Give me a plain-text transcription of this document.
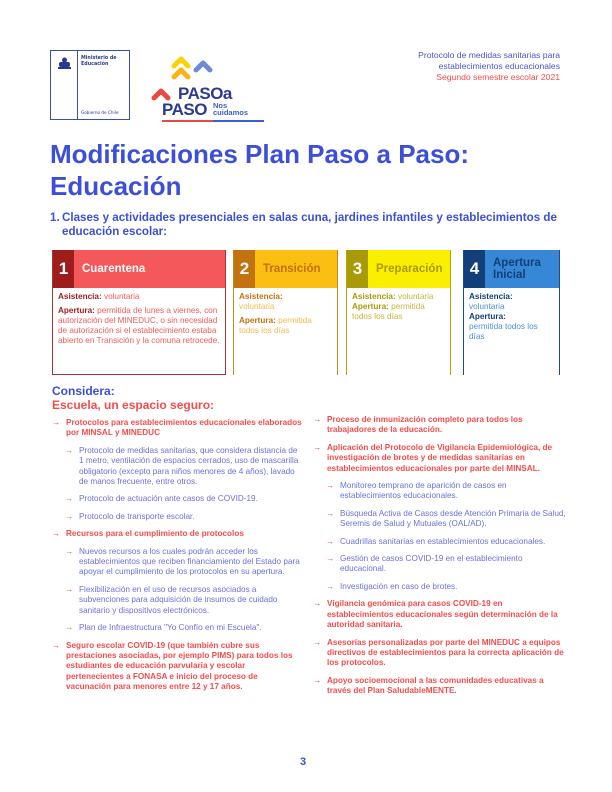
Ministerio de
Educación
Gobierno de Chile
PASOa
PASO Nos
cuidamos
Protocolo de medidas sanitarias para
establecimientos educacionales
Segundo semestre escolar 2021
Modificaciones Plan Paso a Paso:
Educación
1. Clases y actividades presenciales en salas cuna, jardines infantiles y establecimientos de educación escolar:
1	Cuarentena

Asistencia: voluntaria

Apertura: permitida de lunes a viernes, con autorización del MINEDUC, o sin necesidad de autorización si el establecimiento estaba abierto en Transición y la comuna retrocede.

2	Transición

Asistencia:
voluntaria

Apertura: permitida todos los días

3	Preparación
Asistencia: voluntaria
Apertura: permitida todos los días
4	Apertura Inicial
Asistencia:
voluntaria
Apertura:
permitida todos los días
Considera:
Escuela, un espacio seguro:
→ Protocolos para establecimientos educacionales elaborados por MINSAL y MINEDUC
→ Protocolo de medidas sanitarias, que considera distancia de 1 metro, ventilación de espacios cerrados, uso de mascarilla obligatorio (excepto para niños menores de 4 años), lavado de manos frecuente, entre otros.
→ Protocolo de actuación ante casos de COVID-19.
→ Protocolo de transporte escolar.
→ Recursos para el cumplimiento de protocolos
→ Nuevos recursos a los cuales podrán acceder los establecimientos que reciben financiamiento del Estado para apoyar el cumplimiento de los protocolos en su apertura.
→ Flexibilización en el uso de recursos asociados a subvenciones para adquisición de insumos de cuidado sanitario y dispositivos electrónicos.
→ Plan de Infraestructura "Yo Confío en mi Escuela".
→ Seguro escolar COVID-19 (que también cubre sus prestaciones asociadas, por ejemplo PIMS) para todos los estudiantes de educación parvularia y escolar pertenecientes a FONASA e inicio del proceso de vacunación para menores entre 12 y 17 años.
→ Proceso de inmunización completo para todos los trabajadores de la educación.
→ Aplicación del Protocolo de Vigilancia Epidemiológica, de investigación de brotes y de medidas sanitarias en establecimientos educacionales por parte del MINSAL.
→ Monitoreo temprano de aparición de casos en establecimientos educacionales.
→ Búsqueda Activa de Casos desde Atención Primaria de Salud, Seremis de Salud y Mutuales (OAL/AD).
→ Cuadrillas sanitarias en establecimientos educacionales.
→ Gestión de casos COVID-19 en el establecimiento educacional.
→ Investigación en caso de brotes.
→ Vigilancia genómica para casos COVID-19 en establecimientos educacionales según determinación de la autoridad sanitaria.
→ Asesorías personalizadas por parte del MINEDUC a equipos directivos de establecimientos para la correcta aplicación de los protocolos.
→ Apoyo socioemocional a las comunidades educativas a través del Plan SaludableMENTE.
3
